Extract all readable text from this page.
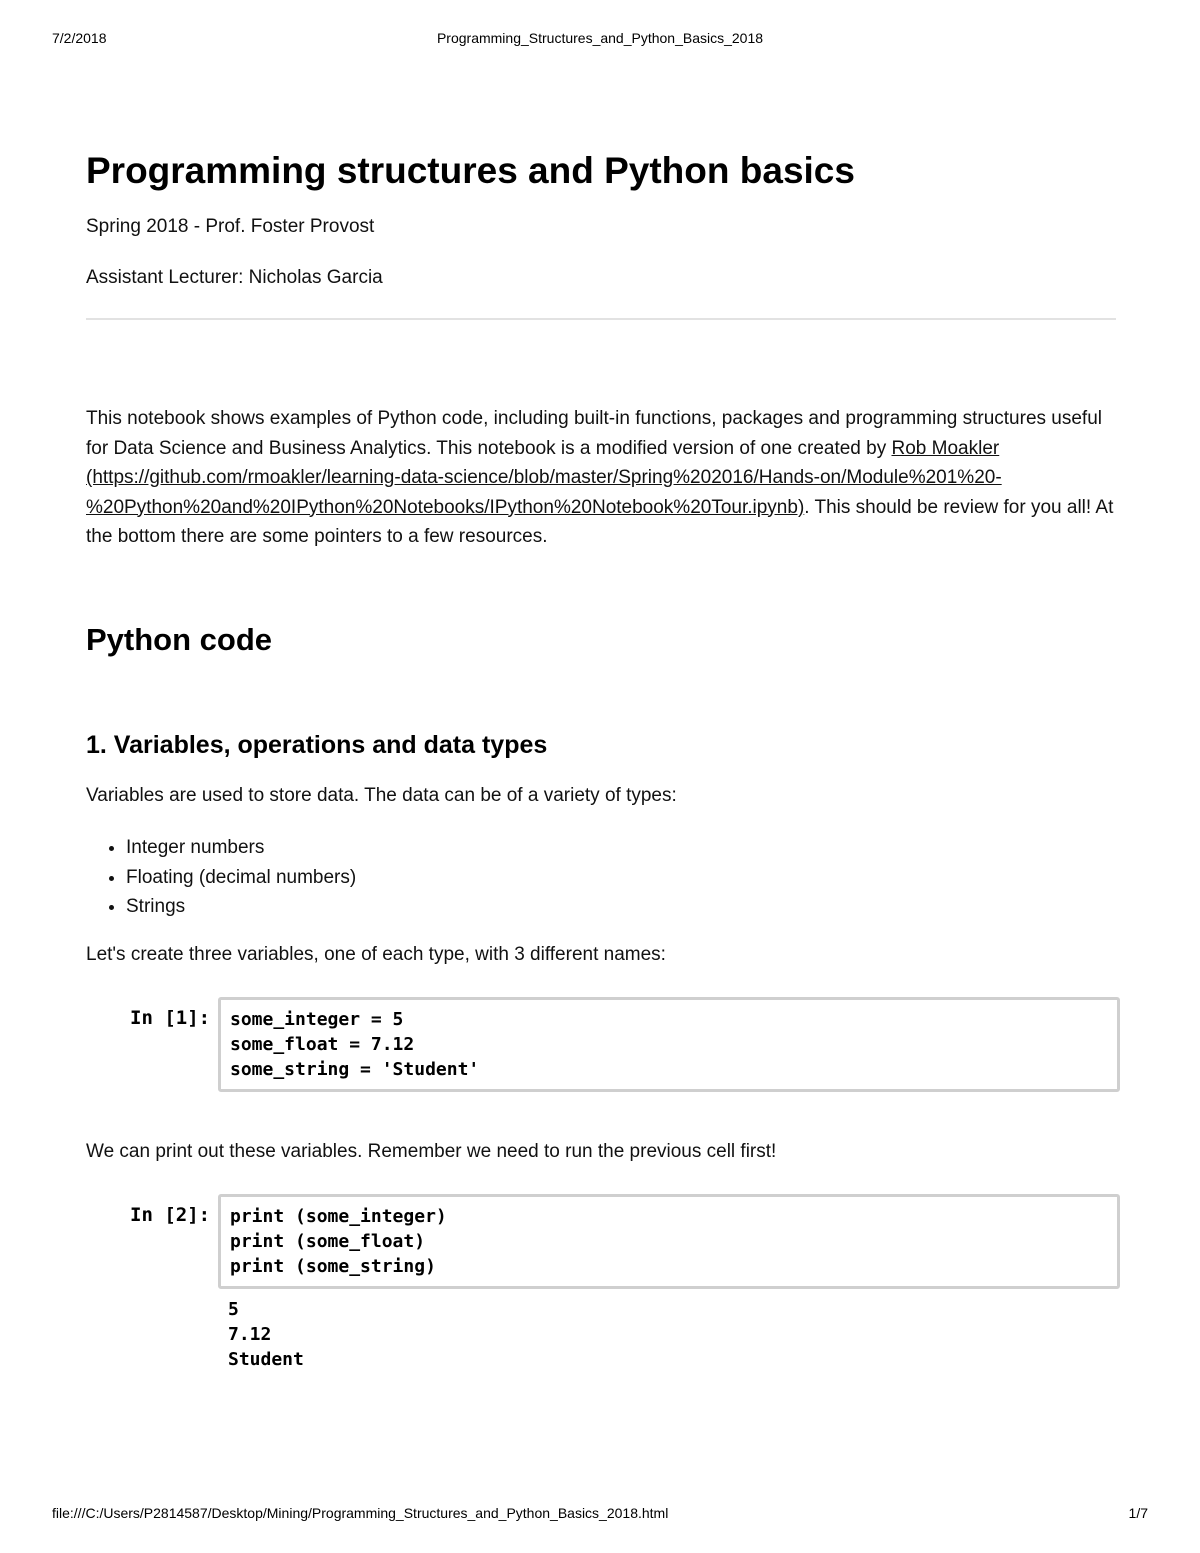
7/2/2018	Programming_Structures_and_Python_Basics_2018
Programming structures and Python basics

Spring 2018 - Prof. Foster Provost

Assistant Lecturer: Nicholas Garcia

This notebook shows examples of Python code, including built-in functions, packages and programming structures useful for Data Science and Business Analytics. This notebook is a modified version of one created by Rob Moakler (https://github.com/rmoakler/learning-data-science/blob/master/Spring%202016/Hands-on/Module%201%20-%20Python%20and%20IPython%20Notebooks/IPython%20Notebook%20Tour.ipynb). This should be review for you all! At the bottom there are some pointers to a few resources.

Python code
1. Variables, operations and data types

Variables are used to store data. The data can be of a variety of types:

• Integer numbers
• Floating (decimal numbers)
• Strings

Let's create three variables, one of each type, with 3 different names:

In [1]: some_integer = 5
some_float = 7.12
some_string = 'Student'

We can print out these variables. Remember we need to run the previous cell first!

In [2]: print (some_integer)
print (some_float)
print (some_string)
5
7.12
Student
file:///C:/Users/P2814587/Desktop/Mining/Programming_Structures_and_Python_Basics_2018.html	1/7
